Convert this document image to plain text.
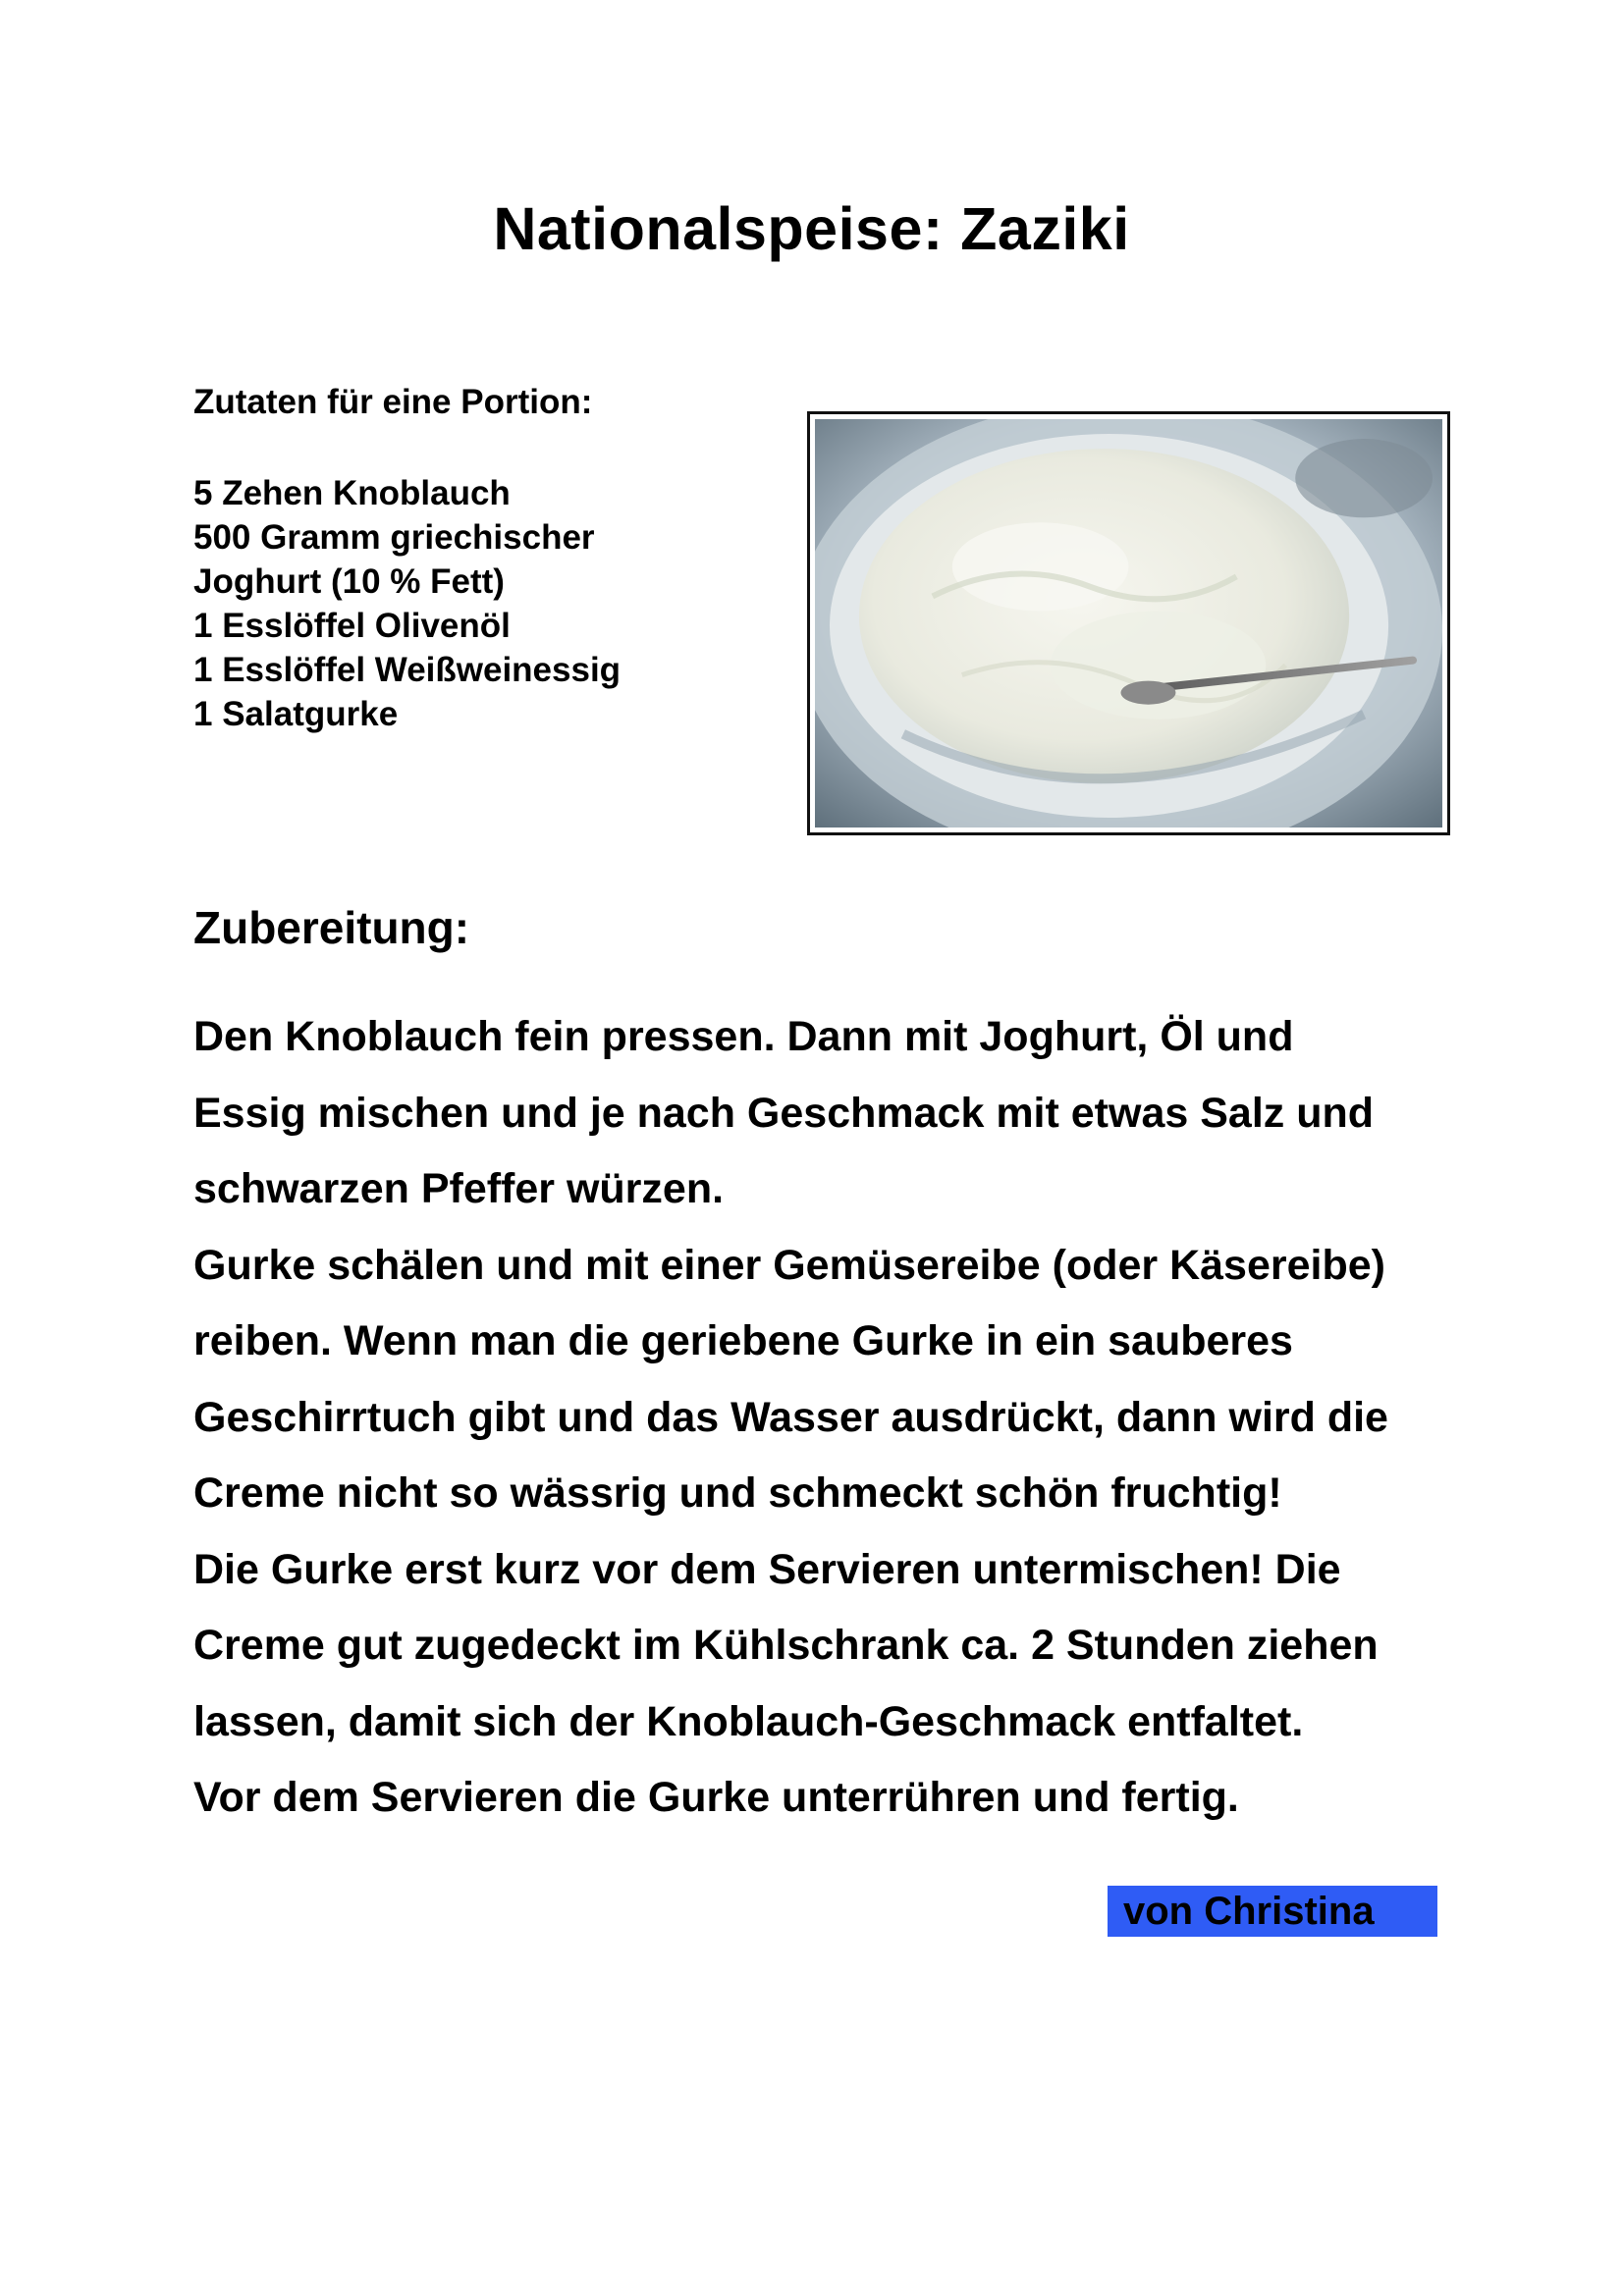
Nationalspeise: Zaziki
Zutaten für eine Portion:
5 Zehen Knoblauch
500 Gramm griechischer
Joghurt (10 % Fett)
1 Esslöffel Olivenöl
1 Esslöffel Weißweinessig
1 Salatgurke
Zubereitung:
Den Knoblauch fein pressen. Dann mit Joghurt, Öl und
Essig mischen und je nach Geschmack mit etwas Salz und
schwarzen Pfeffer würzen.
Gurke schälen und mit einer Gemüsereibe (oder Käsereibe)
reiben. Wenn man die geriebene Gurke in ein sauberes
Geschirrtuch gibt und das Wasser ausdrückt, dann wird die
Creme nicht so wässrig und schmeckt schön fruchtig!
Die Gurke erst kurz vor dem Servieren untermischen! Die
Creme gut zugedeckt im Kühlschrank ca. 2 Stunden ziehen
lassen, damit sich der Knoblauch-Geschmack entfaltet.
Vor dem Servieren die Gurke unterrühren und fertig.
von Christina
